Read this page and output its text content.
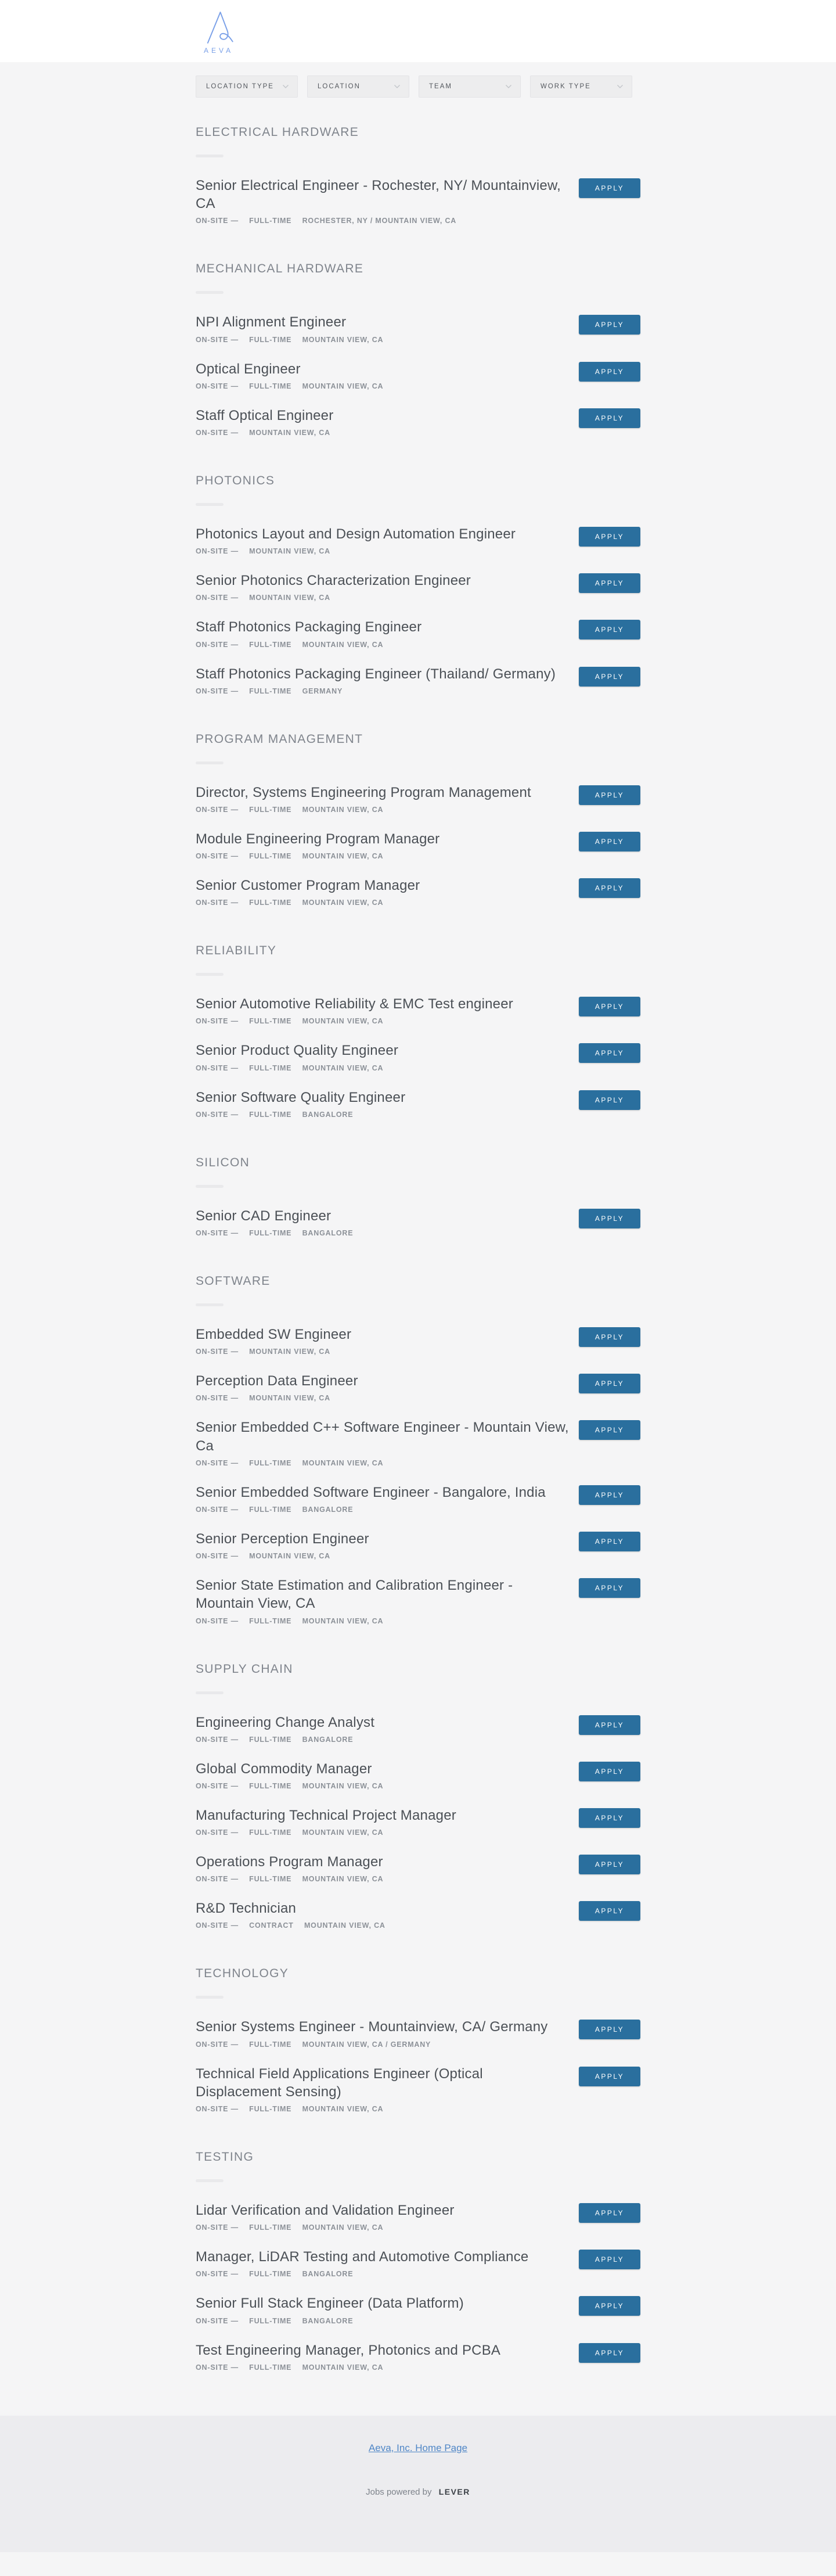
AEVA
LOCATION TYPE	LOCATION	TEAM	WORK TYPE
ELECTRICAL HARDWARE
Senior Electrical Engineer - Rochester, NY/ Mountainview, CA
ON-SITE — FULL-TIME ROCHESTER, NY / MOUNTAIN VIEW, CA
APPLY
MECHANICAL HARDWARE
NPI Alignment Engineer
ON-SITE — FULL-TIME MOUNTAIN VIEW, CA
APPLY
Optical Engineer
ON-SITE — FULL-TIME MOUNTAIN VIEW, CA
APPLY
Staff Optical Engineer
ON-SITE — MOUNTAIN VIEW, CA
APPLY
PHOTONICS
Photonics Layout and Design Automation Engineer
ON-SITE — MOUNTAIN VIEW, CA
APPLY
Senior Photonics Characterization Engineer
ON-SITE — MOUNTAIN VIEW, CA
APPLY
Staff Photonics Packaging Engineer
ON-SITE — FULL-TIME MOUNTAIN VIEW, CA
APPLY
Staff Photonics Packaging Engineer (Thailand/ Germany)
ON-SITE — FULL-TIME GERMANY
APPLY
PROGRAM MANAGEMENT
Director, Systems Engineering Program Management
ON-SITE — FULL-TIME MOUNTAIN VIEW, CA
APPLY
Module Engineering Program Manager
ON-SITE — FULL-TIME MOUNTAIN VIEW, CA
APPLY
Senior Customer Program Manager
ON-SITE — FULL-TIME MOUNTAIN VIEW, CA
APPLY
RELIABILITY
Senior Automotive Reliability & EMC Test engineer
ON-SITE — FULL-TIME MOUNTAIN VIEW, CA
APPLY
Senior Product Quality Engineer
ON-SITE — FULL-TIME MOUNTAIN VIEW, CA
APPLY
Senior Software Quality Engineer
ON-SITE — FULL-TIME BANGALORE
APPLY
SILICON
Senior CAD Engineer
ON-SITE — FULL-TIME BANGALORE
APPLY
SOFTWARE
Embedded SW Engineer
ON-SITE — MOUNTAIN VIEW, CA
APPLY
Perception Data Engineer
ON-SITE — MOUNTAIN VIEW, CA
APPLY
Senior Embedded C++ Software Engineer - Mountain View, Ca
ON-SITE — FULL-TIME MOUNTAIN VIEW, CA
APPLY
Senior Embedded Software Engineer - Bangalore, India
ON-SITE — FULL-TIME BANGALORE
APPLY
Senior Perception Engineer
ON-SITE — MOUNTAIN VIEW, CA
APPLY
Senior State Estimation and Calibration Engineer - Mountain View, CA
ON-SITE — FULL-TIME MOUNTAIN VIEW, CA
APPLY
SUPPLY CHAIN
Engineering Change Analyst
ON-SITE — FULL-TIME BANGALORE
APPLY
Global Commodity Manager
ON-SITE — FULL-TIME MOUNTAIN VIEW, CA
APPLY
Manufacturing Technical Project Manager
ON-SITE — FULL-TIME MOUNTAIN VIEW, CA
APPLY
Operations Program Manager
ON-SITE — FULL-TIME MOUNTAIN VIEW, CA
APPLY
R&D Technician
ON-SITE — CONTRACT MOUNTAIN VIEW, CA
APPLY
TECHNOLOGY
Senior Systems Engineer - Mountainview, CA/ Germany
ON-SITE — FULL-TIME MOUNTAIN VIEW, CA / GERMANY
APPLY
Technical Field Applications Engineer (Optical Displacement Sensing)
ON-SITE — FULL-TIME MOUNTAIN VIEW, CA
APPLY
TESTING
Lidar Verification and Validation Engineer
ON-SITE — FULL-TIME MOUNTAIN VIEW, CA
APPLY
Manager, LiDAR Testing and Automotive Compliance
ON-SITE — FULL-TIME BANGALORE
APPLY
Senior Full Stack Engineer (Data Platform)
ON-SITE — FULL-TIME BANGALORE
APPLY
Test Engineering Manager, Photonics and PCBA
ON-SITE — FULL-TIME MOUNTAIN VIEW, CA
APPLY
Aeva, Inc. Home Page
Jobs powered by LEVER
